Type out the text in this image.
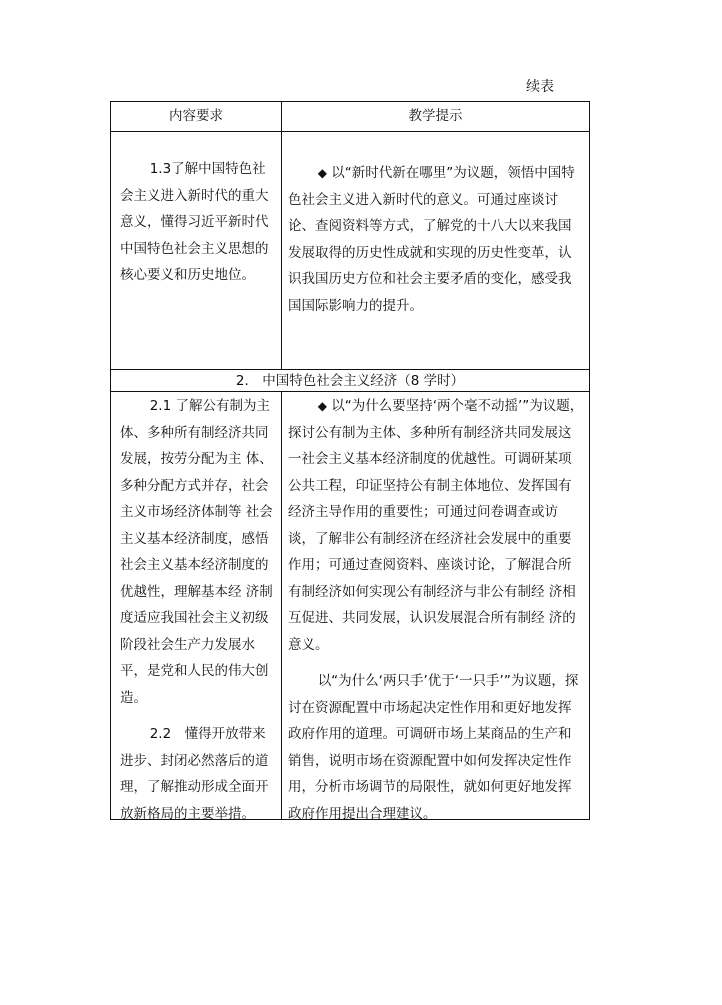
续表
内容要求	教学提示

1.3了解中国特色社会主义进入新时代的重大意义，懂得习近平新时代中国特色社会主义思想的核心要义和历史地位。

◆ 以“新时代新在哪里”为议题，领悟中国特色社会主义进入新时代的意义。可通过座谈讨论、查阅资料等方式，了解党的十八大以来我国发展取得的历史性成就和实现的历史性变革，认 识我国历史方位和社会主要矛盾的变化，感受我 国国际影响力的提升。

2.　中国特色社会主义经济（8 学时）

2.1 了解公有制为主体、多种所有制经济共同发展，按劳分配为主 体、多种分配方式并存，社会主义市场经济体制等 社会主义基本经济制度，感悟社会主义基本经济制度的优越性，理解基本经 济制度适应我国社会主义初级阶段社会生产力发展水平，是党和人民的伟大创造。

2.2　懂得开放带来 进步、封闭必然落后的道 理，了解推动形成全面开 放新格局的主要举措。

◆ 以“为什么要坚持‘两个毫不动摇’”为议题，探讨公有制为主体、多种所有制经济共同发展这一社会主义基本经济制度的优越性。可调研某项公共工程，印证坚持公有制主体地位、发挥国有经济主导作用的重要性；可通过问卷调查或访谈，了解非公有制经济在经济社会发展中的重要作用；可通过查阅资料、座谈讨论，了解混合所有制经济如何实现公有制经济与非公有制经 济相互促进、共同发展，认识发展混合所有制经 济的意义。

以“为什么‘两只手’优于‘一只手’”为议题，探讨在资源配置中市场起决定性作用和更好地发挥政府作用的道理。可调研市场上某商品的生产和销售，说明市场在资源配置中如何发挥决定性作用，分析市场调节的局限性，就如何更好地发挥政府作用提出合理建议。
